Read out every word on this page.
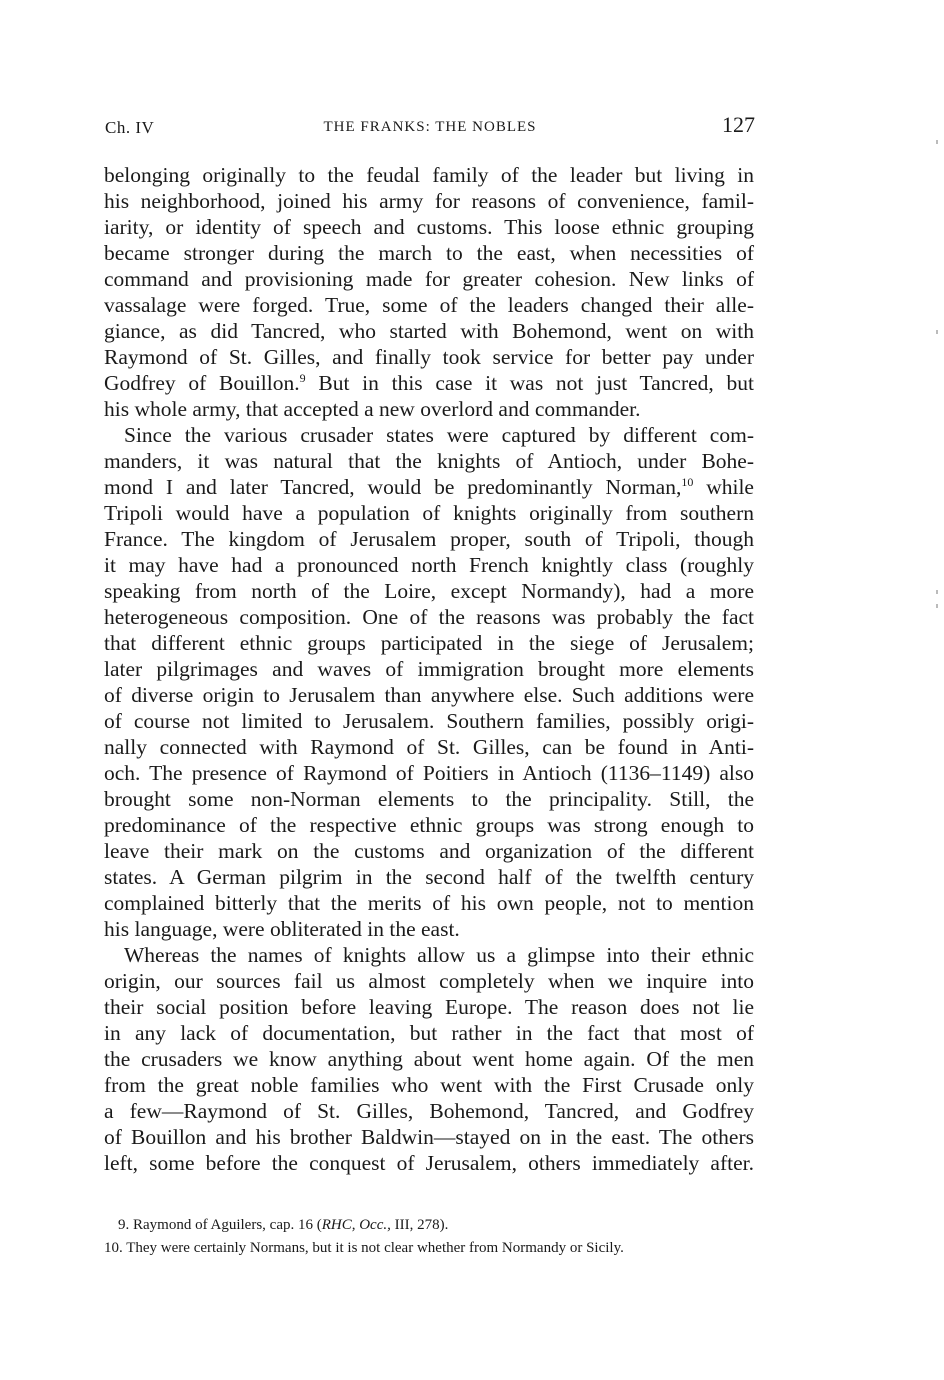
Ch. IV	THE FRANKS: THE NOBLES	127
belonging originally to the feudal family of the leader but living in
his neighborhood, joined his army for reasons of convenience, famil-
iarity, or identity of speech and customs. This loose ethnic grouping
became stronger during the march to the east, when necessities of
command and provisioning made for greater cohesion. New links of
vassalage were forged. True, some of the leaders changed their alle-
giance, as did Tancred, who started with Bohemond, went on with
Raymond of St. Gilles, and finally took service for better pay under
Godfrey of Bouillon.$^9$ But in this case it was not just Tancred, but
his whole army, that accepted a new overlord and commander.
Since the various crusader states were captured by different com-
manders, it was natural that the knights of Antioch, under Bohe-
mond I and later Tancred, would be predominantly Norman,$^{10}$ while
Tripoli would have a population of knights originally from southern
France. The kingdom of Jerusalem proper, south of Tripoli, though
it may have had a pronounced north French knightly class (roughly
speaking from north of the Loire, except Normandy), had a more
heterogeneous composition. One of the reasons was probably the fact
that different ethnic groups participated in the siege of Jerusalem;
later pilgrimages and waves of immigration brought more elements
of diverse origin to Jerusalem than anywhere else. Such additions were
of course not limited to Jerusalem. Southern families, possibly origi-
nally connected with Raymond of St. Gilles, can be found in Anti-
och. The presence of Raymond of Poitiers in Antioch (1136–1149) also
brought some non-Norman elements to the principality. Still, the
predominance of the respective ethnic groups was strong enough to
leave their mark on the customs and organization of the different
states. A German pilgrim in the second half of the twelfth century
complained bitterly that the merits of his own people, not to mention
his language, were obliterated in the east.
Whereas the names of knights allow us a glimpse into their ethnic
origin, our sources fail us almost completely when we inquire into
their social position before leaving Europe. The reason does not lie
in any lack of documentation, but rather in the fact that most of
the crusaders we know anything about went home again. Of the men
from the great noble families who went with the First Crusade only
a few—Raymond of St. Gilles, Bohemond, Tancred, and Godfrey
of Bouillon and his brother Baldwin—stayed on in the east. The others
left, some before the conquest of Jerusalem, others immediately after.
9. Raymond of Aguilers, cap. 16 (RHC, Occ., III, 278).
10. They were certainly Normans, but it is not clear whether from Normandy or Sicily.
